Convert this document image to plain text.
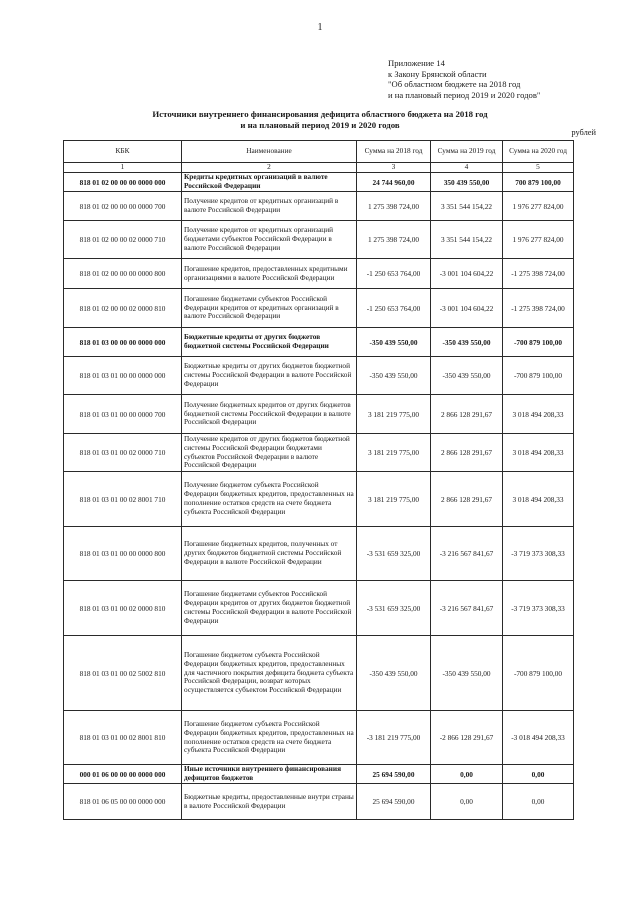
1
Приложение 14
к Закону Брянской области
"Об областном бюджете на 2018 год
и на плановый период 2019 и 2020 годов"
Источники внутреннего финансирования дефицита областного бюджета на 2018 год
и на плановый период 2019 и 2020 годов
рублей
КБК	Наименование	Сумма на 2018 год	Сумма на 2019 год	Сумма на 2020 год
1	2	3	4	5
818 01 02 00 00 00 0000 000	Кредиты кредитных организаций в валюте Российской Федерации	24 744 960,00	350 439 550,00	700 879 100,00
818 01 02 00 00 00 0000 700	Получение кредитов от кредитных организаций в валюте Российской Федерации	1 275 398 724,00	3 351 544 154,22	1 976 277 824,00
818 01 02 00 00 02 0000 710	Получение кредитов от кредитных организаций бюджетами субъектов Российской Федерации в валюте Российской Федерации	1 275 398 724,00	3 351 544 154,22	1 976 277 824,00
818 01 02 00 00 00 0000 800	Погашение кредитов, предоставленных кредитными организациями в валюте Российской Федерации	-1 250 653 764,00	-3 001 104 604,22	-1 275 398 724,00
818 01 02 00 00 02 0000 810	Погашение бюджетами субъектов Российской Федерации кредитов от кредитных организаций в валюте Российской Федерации	-1 250 653 764,00	-3 001 104 604,22	-1 275 398 724,00
818 01 03 00 00 00 0000 000	Бюджетные кредиты от других бюджетов бюджетной системы Российской Федерации	-350 439 550,00	-350 439 550,00	-700 879 100,00
818 01 03 01 00 00 0000 000	Бюджетные кредиты от других бюджетов бюджетной системы Российской Федерации в валюте Российской Федерации	-350 439 550,00	-350 439 550,00	-700 879 100,00
818 01 03 01 00 00 0000 700	Получение бюджетных кредитов от других бюджетов бюджетной системы Российской Федерации в валюте Российской Федерации	3 181 219 775,00	2 866 128 291,67	3 018 494 208,33
818 01 03 01 00 02 0000 710	Получение кредитов от других бюджетов бюджетной системы Российской Федерации бюджетами субъектов Российской Федерации в валюте Российской Федерации	3 181 219 775,00	2 866 128 291,67	3 018 494 208,33
818 01 03 01 00 02 8001 710	Получение бюджетом субъекта Российской Федерации бюджетных кредитов, предоставленных на пополнение остатков средств на счете бюджета субъекта Российской Федерации	3 181 219 775,00	2 866 128 291,67	3 018 494 208,33
818 01 03 01 00 00 0000 800	Погашение бюджетных кредитов, полученных от других бюджетов бюджетной системы Российской Федерации в валюте Российской Федерации	-3 531 659 325,00	-3 216 567 841,67	-3 719 373 308,33
818 01 03 01 00 02 0000 810	Погашение бюджетами субъектов Российской Федерации кредитов от других бюджетов бюджетной системы Российской Федерации в валюте Российской Федерации	-3 531 659 325,00	-3 216 567 841,67	-3 719 373 308,33
818 01 03 01 00 02 5002 810	Погашение бюджетом субъекта Российской Федерации бюджетных кредитов, предоставленных для частичного покрытия дефицита бюджета субъекта Российской Федерации, возврат которых осуществляется субъектом Российской Федерации	-350 439 550,00	-350 439 550,00	-700 879 100,00
818 01 03 01 00 02 8001 810	Погашение бюджетом субъекта Российской Федерации бюджетных кредитов, предоставленных на пополнение остатков средств на счете бюджета субъекта Российской Федерации	-3 181 219 775,00	-2 866 128 291,67	-3 018 494 208,33
000 01 06 00 00 00 0000 000	Иные источники внутреннего финансирования дефицитов бюджетов	25 694 590,00	0,00	0,00
818 01 06 05 00 00 0000 000	Бюджетные кредиты, предоставленные внутри страны в валюте Российской Федерации	25 694 590,00	0,00	0,00
